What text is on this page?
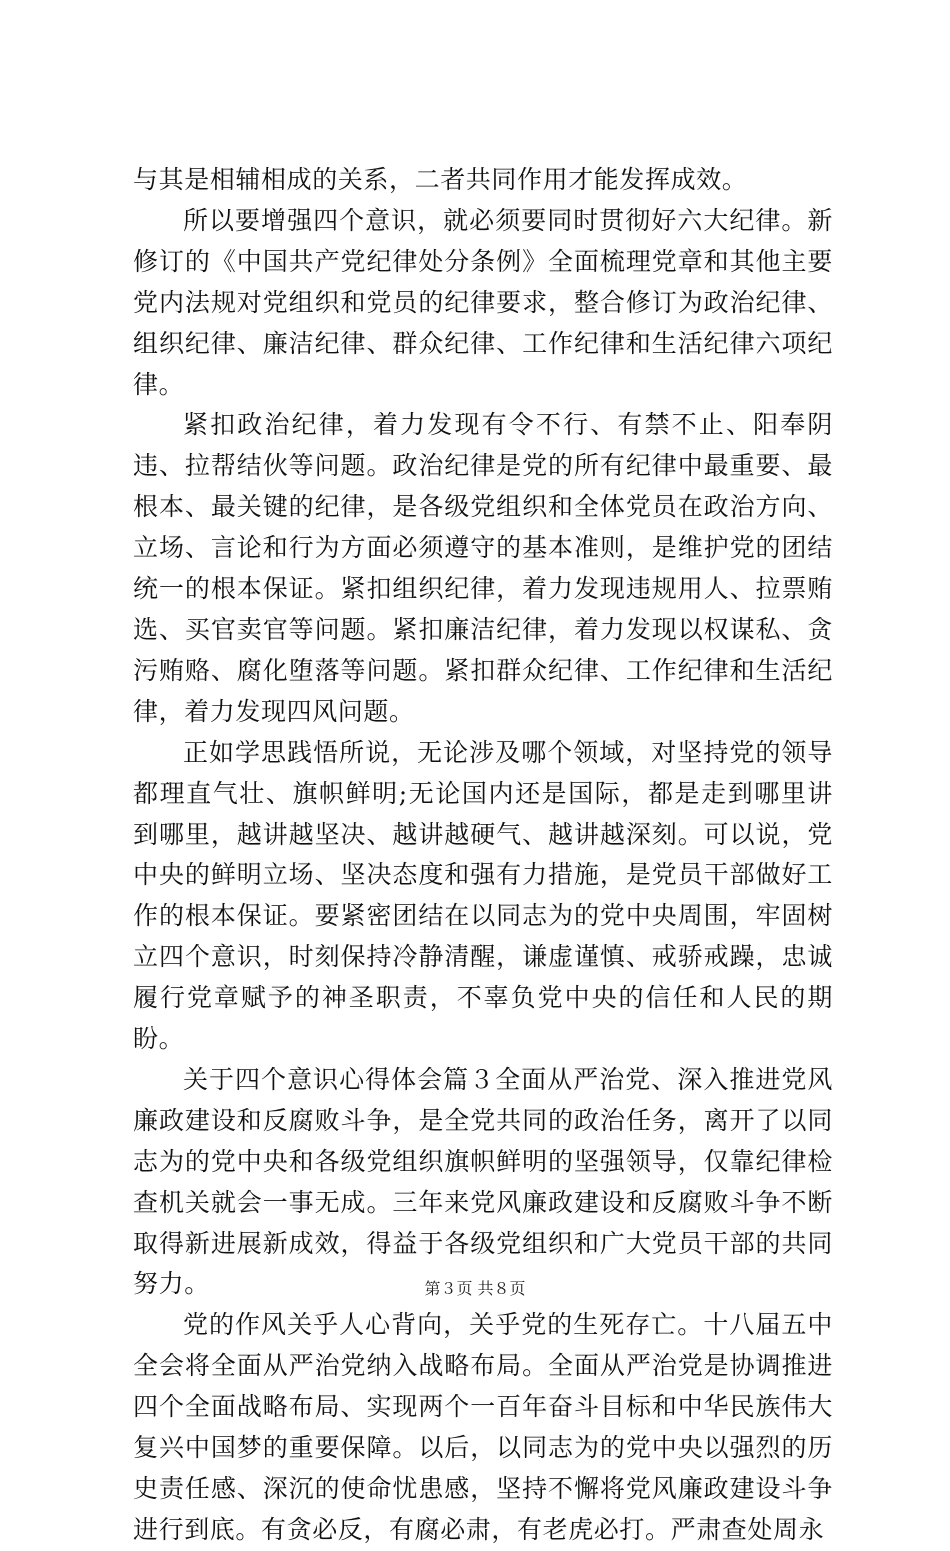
与其是相辅相成的关系，二者共同作用才能发挥成效。

所以要增强四个意识，就必须要同时贯彻好六大纪律。新修订的《中国共产党纪律处分条例》全面梳理党章和其他主要党内法规对党组织和党员的纪律要求，整合修订为政治纪律、组织纪律、廉洁纪律、群众纪律、工作纪律和生活纪律六项纪律。

紧扣政治纪律，着力发现有令不行、有禁不止、阳奉阴违、拉帮结伙等问题。政治纪律是党的所有纪律中最重要、最根本、最关键的纪律，是各级党组织和全体党员在政治方向、立场、言论和行为方面必须遵守的基本准则，是维护党的团结统一的根本保证。紧扣组织纪律，着力发现违规用人、拉票贿选、买官卖官等问题。紧扣廉洁纪律，着力发现以权谋私、贪污贿赂、腐化堕落等问题。紧扣群众纪律、工作纪律和生活纪律，着力发现四风问题。

正如学思践悟所说，无论涉及哪个领域，对坚持党的领导都理直气壮、旗帜鲜明;无论国内还是国际，都是走到哪里讲到哪里，越讲越坚决、越讲越硬气、越讲越深刻。可以说，党中央的鲜明立场、坚决态度和强有力措施，是党员干部做好工作的根本保证。要紧密团结在以同志为的党中央周围，牢固树立四个意识，时刻保持冷静清醒，谦虚谨慎、戒骄戒躁，忠诚履行党章赋予的神圣职责，不辜负党中央的信任和人民的期盼。

关于四个意识心得体会篇３全面从严治党、深入推进党风廉政建设和反腐败斗争，是全党共同的政治任务，离开了以同志为的党中央和各级党组织旗帜鲜明的坚强领导，仅靠纪律检查机关就会一事无成。三年来党风廉政建设和反腐败斗争不断取得新进展新成效，得益于各级党组织和广大党员干部的共同努力。

党的作风关乎人心背向，关乎党的生死存亡。十八届五中全会将全面从严治党纳入战略布局。全面从严治党是协调推进四个全面战略布局、实现两个一百年奋斗目标和中华民族伟大复兴中国梦的重要保障。以后，以同志为的党中央以强烈的历史责任感、深沉的使命忧患感，坚持不懈将党风廉政建设斗争进行到底。有贪必反，有腐必肃，有老虎必打。严肃查处周永

第３页 共８页
